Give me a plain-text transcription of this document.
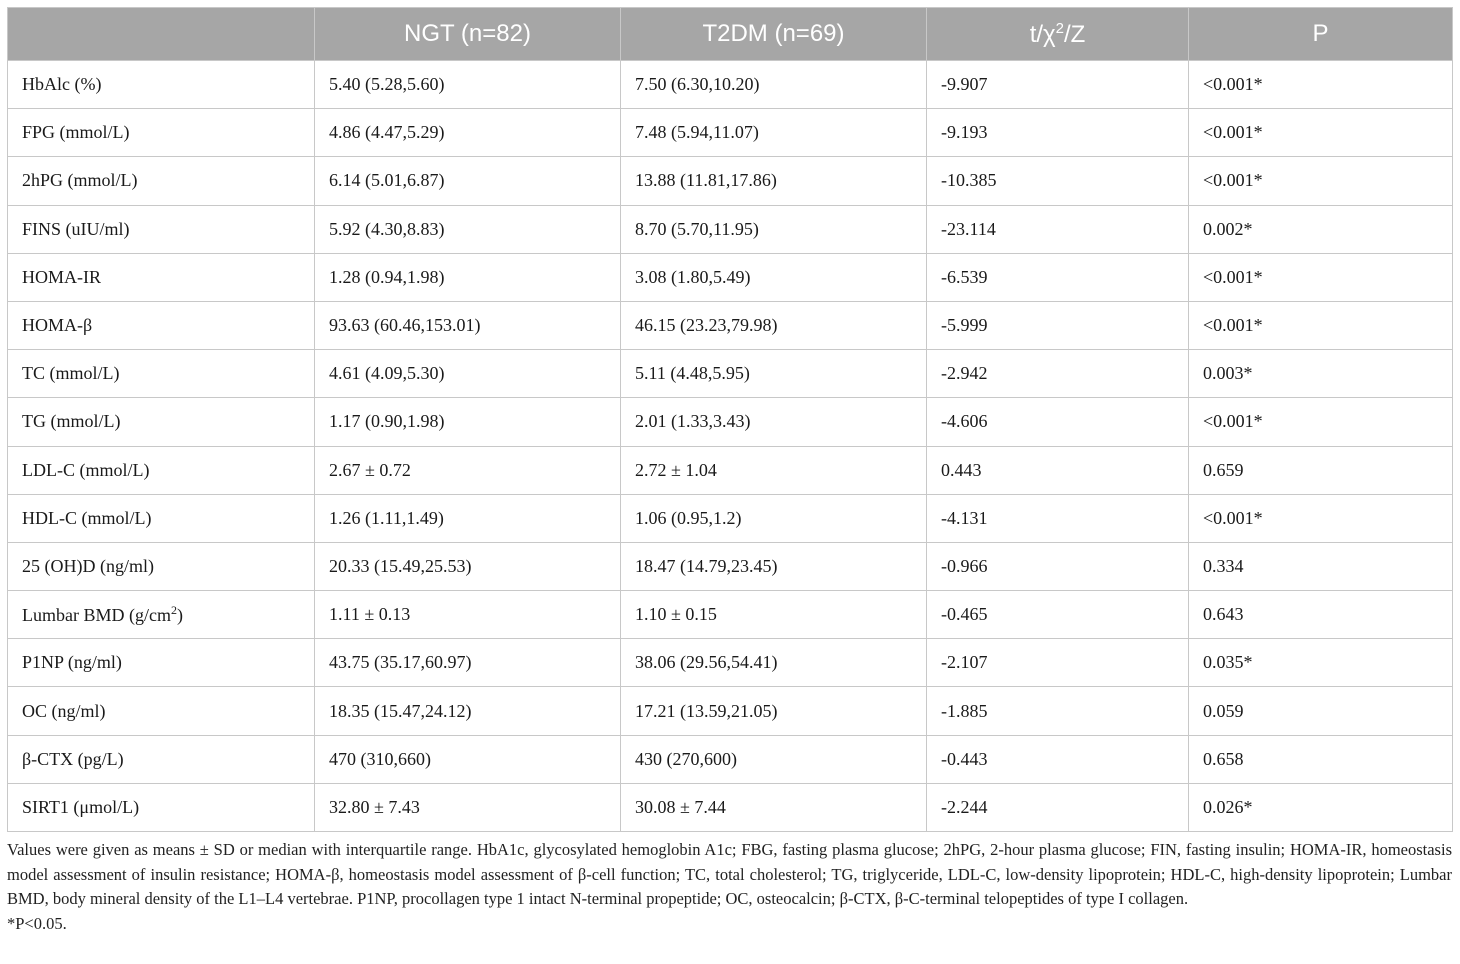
	NGT (n=82)	T2DM (n=69)	$t/\chi^2/Z$	P
HbAlc (%)	5.40 (5.28,5.60)	7.50 (6.30,10.20)	-9.907	<0.001*
FPG (mmol/L)	4.86 (4.47,5.29)	7.48 (5.94,11.07)	-9.193	<0.001*
2hPG (mmol/L)	6.14 (5.01,6.87)	13.88 (11.81,17.86)	-10.385	<0.001*
FINS (uIU/ml)	5.92 (4.30,8.83)	8.70 (5.70,11.95)	-23.114	0.002*
HOMA-IR	1.28 (0.94,1.98)	3.08 (1.80,5.49)	-6.539	<0.001*
HOMA-β	93.63 (60.46,153.01)	46.15 (23.23,79.98)	-5.999	<0.001*
TC (mmol/L)	4.61 (4.09,5.30)	5.11 (4.48,5.95)	-2.942	0.003*
TG (mmol/L)	1.17 (0.90,1.98)	2.01 (1.33,3.43)	-4.606	<0.001*
LDL-C (mmol/L)	2.67 ± 0.72	2.72 ± 1.04	0.443	0.659
HDL-C (mmol/L)	1.26 (1.11,1.49)	1.06 (0.95,1.2)	-4.131	<0.001*
25 (OH)D (ng/ml)	20.33 (15.49,25.53)	18.47 (14.79,23.45)	-0.966	0.334
Lumbar BMD $(g/cm^2)$	1.11 ± 0.13	1.10 ± 0.15	-0.465	0.643
P1NP (ng/ml)	43.75 (35.17,60.97)	38.06 (29.56,54.41)	-2.107	0.035*
OC (ng/ml)	18.35 (15.47,24.12)	17.21 (13.59,21.05)	-1.885	0.059
β-CTX (pg/L)	470 (310,660)	430 (270,600)	-0.443	0.658
SIRT1 (μmol/L)	32.80 ± 7.43	30.08 ± 7.44	-2.244	0.026*

Values were given as means ± SD or median with interquartile range. HbA1c, glycosylated hemoglobin A1c; FBG, fasting plasma glucose; 2hPG, 2-hour plasma glucose; FIN, fasting insulin; HOMA-IR, homeostasis model assessment of insulin resistance; HOMA-β, homeostasis model assessment of β-cell function; TC, total cholesterol; TG, triglyceride, LDL-C, low-density lipoprotein; HDL-C, high-density lipoprotein; Lumbar BMD, body mineral density of the L1–L4 vertebrae. P1NP, procollagen type 1 intact N-terminal propeptide; OC, osteocalcin; β-CTX, β-C-terminal telopeptides of type I collagen.

*P<0.05.
